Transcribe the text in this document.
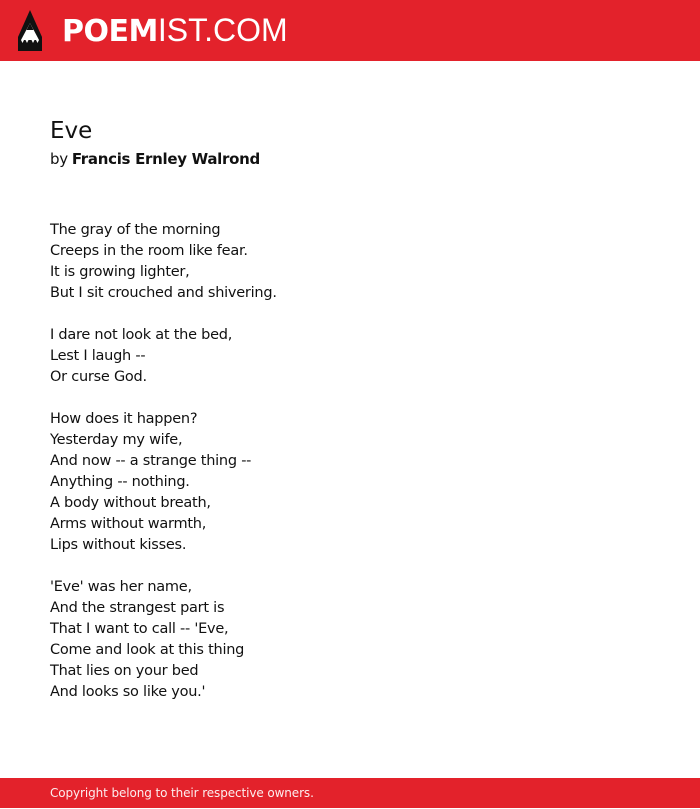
POEMIST.COM
Eve
by Francis Ernley Walrond
The gray of the morning
Creeps in the room like fear.
It is growing lighter,
But I sit crouched and shivering.
I dare not look at the bed,
Lest I laugh --
Or curse God.
How does it happen?
Yesterday my wife,
And now -- a strange thing --
Anything -- nothing.
A body without breath,
Arms without warmth,
Lips without kisses.
'Eve' was her name,
And the strangest part is
That I want to call -- 'Eve,
Come and look at this thing
That lies on your bed
And looks so like you.'
Copyright belong to their respective owners.
